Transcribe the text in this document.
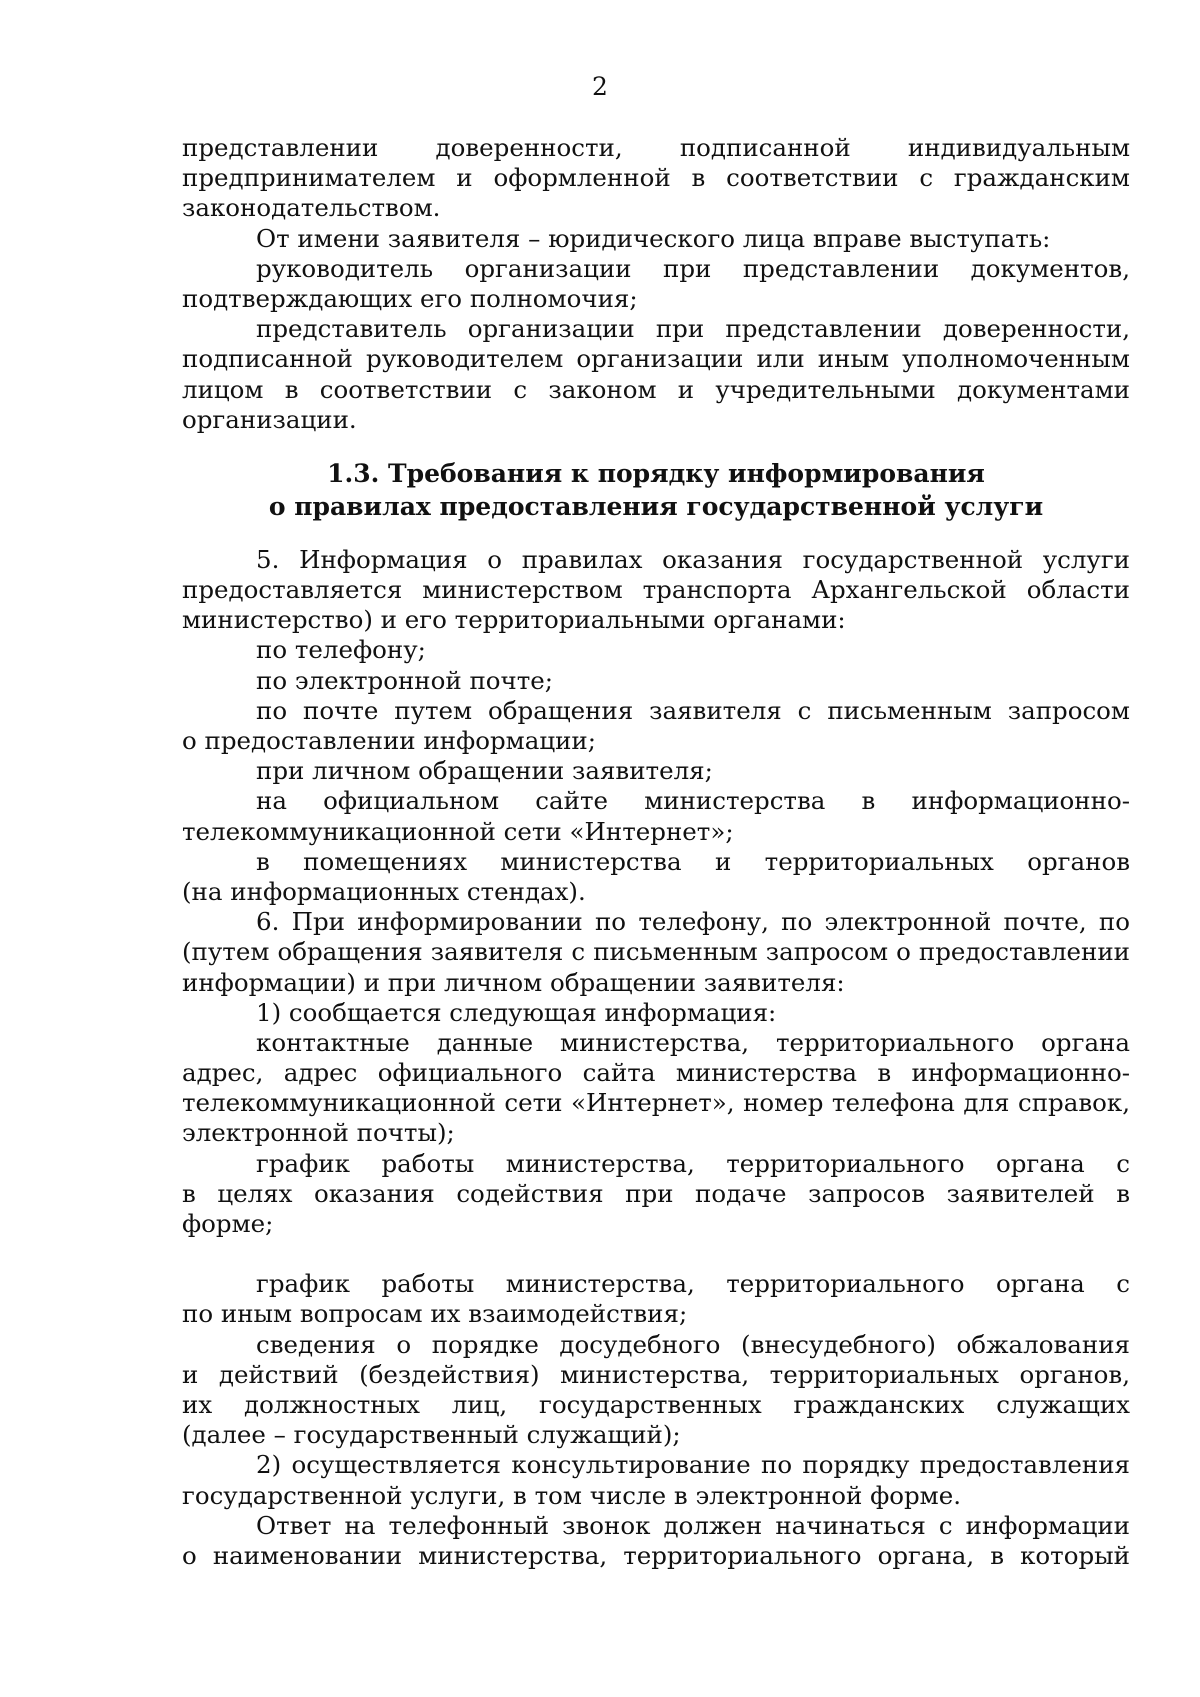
2
представлении доверенности, подписанной индивидуальным
предпринимателем и оформленной в соответствии с гражданским
законодательством.
От имени заявителя – юридического лица вправе выступать:
руководитель организации при представлении документов,
подтверждающих его полномочия;
представитель организации при представлении доверенности,
подписанной руководителем организации или иным уполномоченным
лицом в соответствии с законом и учредительными документами
организации.
1.3. Требования к порядку информирования
о правилах предоставления государственной услуги
5. Информация о правилах оказания государственной услуги
предоставляется министерством транспорта Архангельской области
министерство) и его территориальными органами:
по телефону;
по электронной почте;
по почте путем обращения заявителя с письменным запросом
о предоставлении информации;
при личном обращении заявителя;
на официальном сайте министерства в информационно-
телекоммуникационной сети «Интернет»;
в помещениях министерства и территориальных органов
(на информационных стендах).
6. При информировании по телефону, по электронной почте, по
(путем обращения заявителя с письменным запросом о предоставлении
информации) и при личном обращении заявителя:
1) сообщается следующая информация:
контактные данные министерства, территориального органа
адрес, адрес официального сайта министерства в информационно-
телекоммуникационной сети «Интернет», номер телефона для справок,
электронной почты);
график работы министерства, территориального органа с
в целях оказания содействия при подаче запросов заявителей в
форме;
график работы министерства, территориального органа с
по иным вопросам их взаимодействия;
сведения о порядке досудебного (внесудебного) обжалования
и действий (бездействия) министерства, территориальных органов,
их должностных лиц, государственных гражданских служащих
(далее – государственный служащий);
2) осуществляется консультирование по порядку предоставления
государственной услуги, в том числе в электронной форме.
Ответ на телефонный звонок должен начинаться с информации
о наименовании министерства, территориального органа, в который
